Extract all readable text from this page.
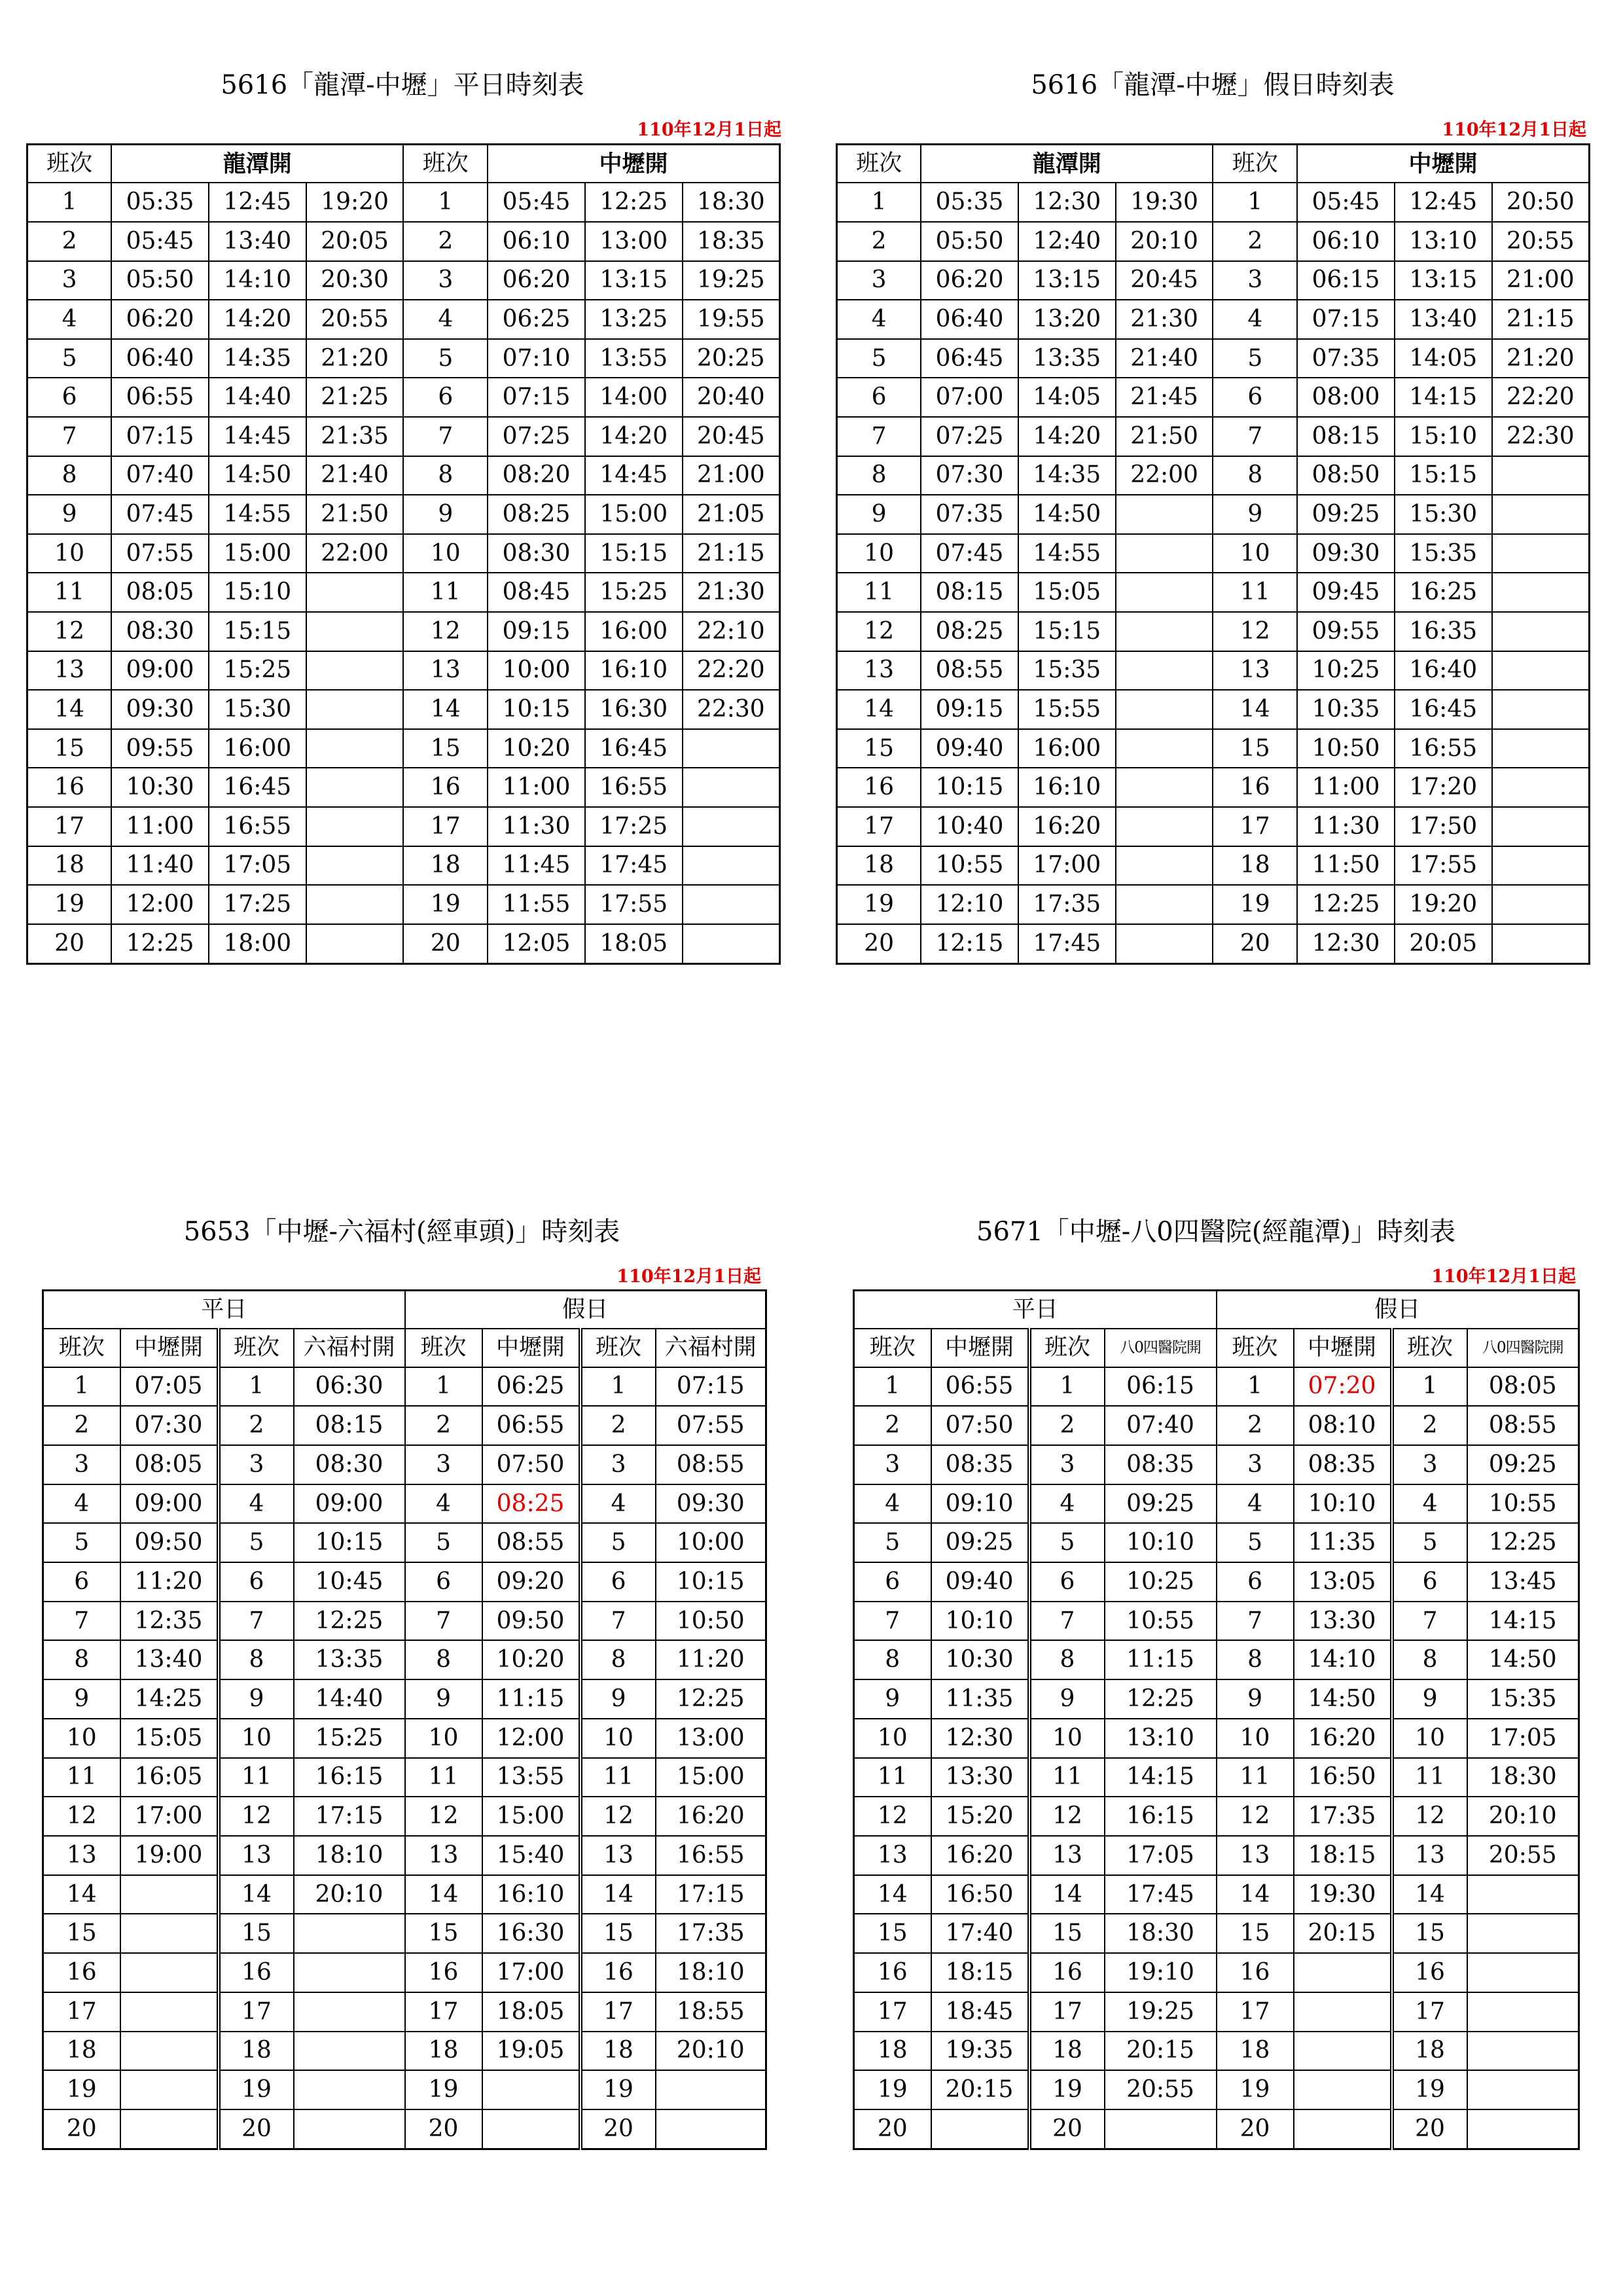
5616「龍潭-中壢」平日時刻表
110年12月1日起
班次	龍潭開			班次	中壢開		
1	05:35	12:45	19:20	1	05:45	12:25	18:30
2	05:45	13:40	20:05	2	06:10	13:00	18:35
3	05:50	14:10	20:30	3	06:20	13:15	19:25
4	06:20	14:20	20:55	4	06:25	13:25	19:55
5	06:40	14:35	21:20	5	07:10	13:55	20:25
6	06:55	14:40	21:25	6	07:15	14:00	20:40
7	07:15	14:45	21:35	7	07:25	14:20	20:45
8	07:40	14:50	21:40	8	08:20	14:45	21:00
9	07:45	14:55	21:50	9	08:25	15:00	21:05
10	07:55	15:00	22:00	10	08:30	15:15	21:15
11	08:05	15:10		11	08:45	15:25	21:30
12	08:30	15:15		12	09:15	16:00	22:10
13	09:00	15:25		13	10:00	16:10	22:20
14	09:30	15:30		14	10:15	16:30	22:30
15	09:55	16:00		15	10:20	16:45	
16	10:30	16:45		16	11:00	16:55	
17	11:00	16:55		17	11:30	17:25	
18	11:40	17:05		18	11:45	17:45	
19	12:00	17:25		19	11:55	17:55	
20	12:25	18:00		20	12:05	18:05	
5616「龍潭-中壢」假日時刻表
110年12月1日起
班次	龍潭開			班次	中壢開		
1	05:35	12:30	19:30	1	05:45	12:45	20:50
2	05:50	12:40	20:10	2	06:10	13:10	20:55
3	06:20	13:15	20:45	3	06:15	13:15	21:00
4	06:40	13:20	21:30	4	07:15	13:40	21:15
5	06:45	13:35	21:40	5	07:35	14:05	21:20
6	07:00	14:05	21:45	6	08:00	14:15	22:20
7	07:25	14:20	21:50	7	08:15	15:10	22:30
8	07:30	14:35	22:00	8	08:50	15:15	
9	07:35	14:50		9	09:25	15:30	
10	07:45	14:55		10	09:30	15:35	
11	08:15	15:05		11	09:45	16:25	
12	08:25	15:15		12	09:55	16:35	
13	08:55	15:35		13	10:25	16:40	
14	09:15	15:55		14	10:35	16:45	
15	09:40	16:00		15	10:50	16:55	
16	10:15	16:10		16	11:00	17:20	
17	10:40	16:20		17	11:30	17:50	
18	10:55	17:00		18	11:50	17:55	
19	12:10	17:35		19	12:25	19:20	
20	12:15	17:45		20	12:30	20:05	
5653「中壢-六福村(經車頭)」時刻表
110年12月1日起
平日				假日			
班次	中壢開	班次	六福村開	班次	中壢開	班次	六福村開
1	07:05	1	06:30	1	06:25	1	07:15
2	07:30	2	08:15	2	06:55	2	07:55
3	08:05	3	08:30	3	07:50	3	08:55
4	09:00	4	09:00	4	08:25	4	09:30
5	09:50	5	10:15	5	08:55	5	10:00
6	11:20	6	10:45	6	09:20	6	10:15
7	12:35	7	12:25	7	09:50	7	10:50
8	13:40	8	13:35	8	10:20	8	11:20
9	14:25	9	14:40	9	11:15	9	12:25
10	15:05	10	15:25	10	12:00	10	13:00
11	16:05	11	16:15	11	13:55	11	15:00
12	17:00	12	17:15	12	15:00	12	16:20
13	19:00	13	18:10	13	15:40	13	16:55
14		14	20:10	14	16:10	14	17:15
15		15		15	16:30	15	17:35
16		16		16	17:00	16	18:10
17		17		17	18:05	17	18:55
18		18		18	19:05	18	20:10
19		19		19		19	
20		20		20		20	
5671「中壢-八0四醫院(經龍潭)」時刻表
110年12月1日起
平日				假日			
班次	中壢開	班次	八0四醫院開	班次	中壢開	班次	八0四醫院開
1	06:55	1	06:15	1	07:20	1	08:05
2	07:50	2	07:40	2	08:10	2	08:55
3	08:35	3	08:35	3	08:35	3	09:25
4	09:10	4	09:25	4	10:10	4	10:55
5	09:25	5	10:10	5	11:35	5	12:25
6	09:40	6	10:25	6	13:05	6	13:45
7	10:10	7	10:55	7	13:30	7	14:15
8	10:30	8	11:15	8	14:10	8	14:50
9	11:35	9	12:25	9	14:50	9	15:35
10	12:30	10	13:10	10	16:20	10	17:05
11	13:30	11	14:15	11	16:50	11	18:30
12	15:20	12	16:15	12	17:35	12	20:10
13	16:20	13	17:05	13	18:15	13	20:55
14	16:50	14	17:45	14	19:30	14	
15	17:40	15	18:30	15	20:15	15	
16	18:15	16	19:10	16		16	
17	18:45	17	19:25	17		17	
18	19:35	18	20:15	18		18	
19	20:15	19	20:55	19		19	
20		20		20		20	
